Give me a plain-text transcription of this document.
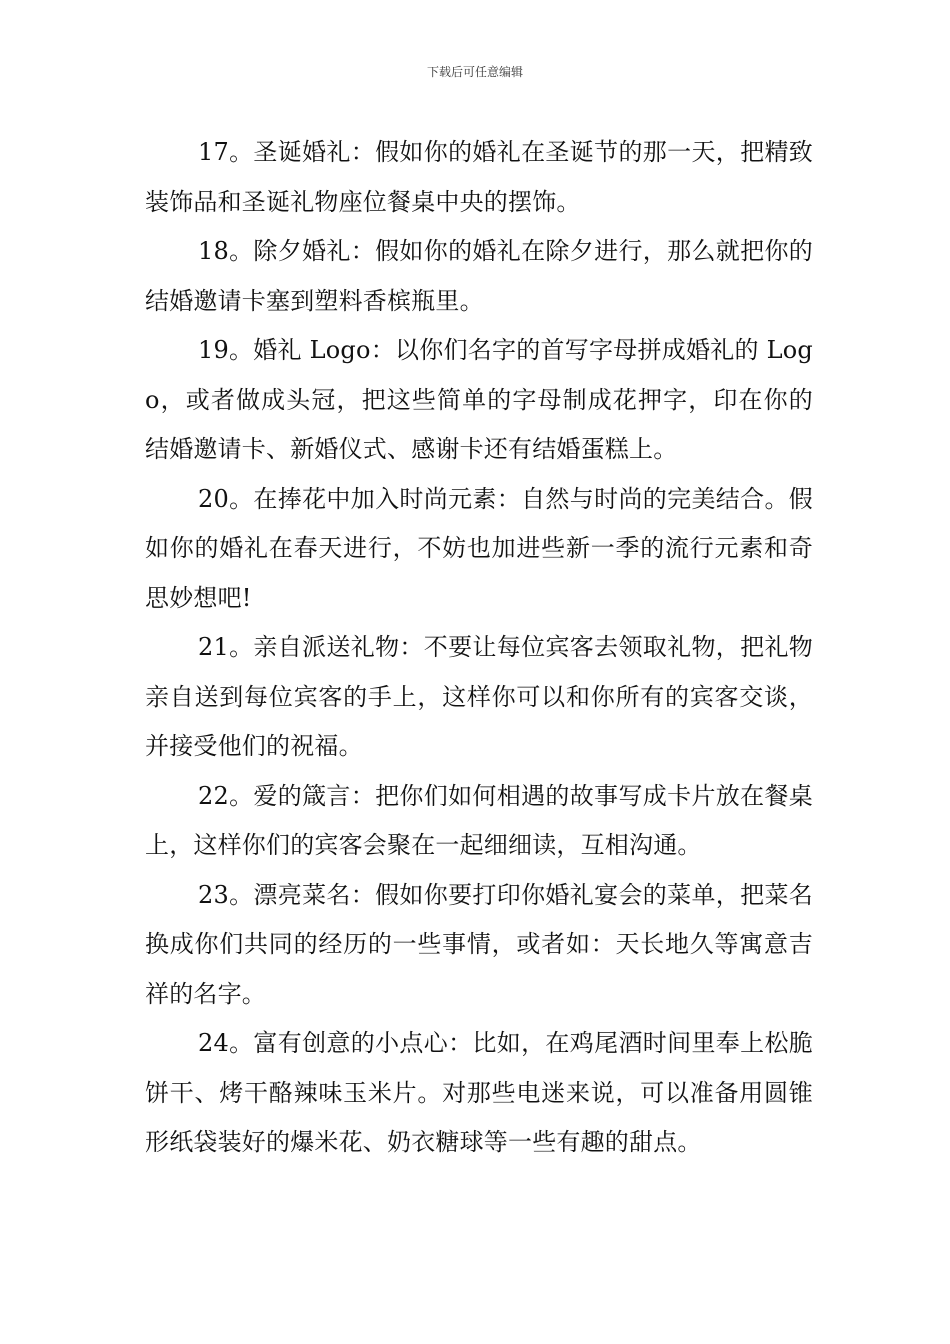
下载后可任意编辑

17。圣诞婚礼：假如你的婚礼在圣诞节的那一天，把精致装饰品和圣诞礼物座位餐桌中央的摆饰。

18。除夕婚礼：假如你的婚礼在除夕进行，那么就把你的结婚邀请卡塞到塑料香槟瓶里。

19。婚礼 Logo：以你们名字的首写字母拼成婚礼的 Logo，或者做成头冠，把这些简单的字母制成花押字，印在你的结婚邀请卡、新婚仪式、感谢卡还有结婚蛋糕上。

20。在捧花中加入时尚元素：自然与时尚的完美结合。假如你的婚礼在春天进行，不妨也加进些新一季的流行元素和奇思妙想吧!

21。亲自派送礼物：不要让每位宾客去领取礼物，把礼物亲自送到每位宾客的手上，这样你可以和你所有的宾客交谈，并接受他们的祝福。

22。爱的箴言：把你们如何相遇的故事写成卡片放在餐桌上，这样你们的宾客会聚在一起细细读，互相沟通。

23。漂亮菜名：假如你要打印你婚礼宴会的菜单，把菜名换成你们共同的经历的一些事情，或者如：天长地久等寓意吉祥的名字。

24。富有创意的小点心：比如，在鸡尾酒时间里奉上松脆饼干、烤干酪辣味玉米片。对那些电迷来说，可以准备用圆锥形纸袋装好的爆米花、奶衣糖球等一些有趣的甜点。
